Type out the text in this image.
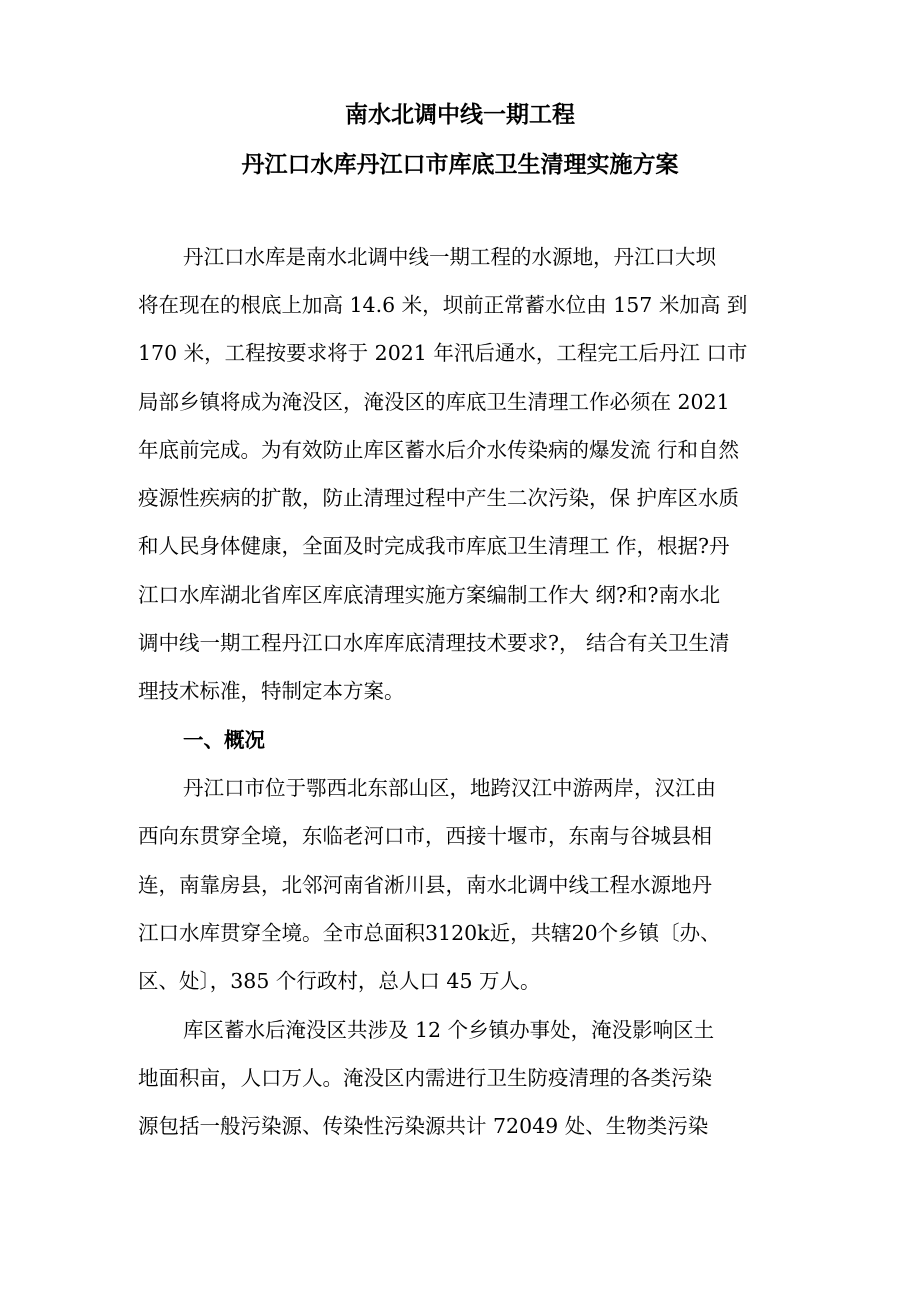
南水北调中线一期工程
丹江口水库丹江口市库底卫生清理实施方案
丹江口水库是南水北调中线一期工程的水源地，丹江口大坝
将在现在的根底上加高 14.6 米，坝前正常蓄水位由 157 米加高 到
170 米，工程按要求将于 2021 年汛后通水，工程完工后丹江 口市
局部乡镇将成为淹没区，淹没区的库底卫生清理工作必须在 2021
年底前完成。为有效防止库区蓄水后介水传染病的爆发流 行和自然
疫源性疾病的扩散，防止清理过程中产生二次污染，保 护库区水质
和人民身体健康，全面及时完成我市库底卫生清理工 作，根据?丹
江口水库湖北省库区库底清理实施方案编制工作大 纲?和?南水北
调中线一期工程丹江口水库库底清理技术要求?， 结合有关卫生清
理技术标准，特制定本方案。
一、概况
丹江口市位于鄂西北东部山区，地跨汉江中游两岸，汉江由
西向东贯穿全境，东临老河口市，西接十堰市，东南与谷城县相
连，南靠房县，北邻河南省淅川县，南水北调中线工程水源地丹
江口水库贯穿全境。全市总面积3120k近，共辖20个乡镇〔办、
区、处〕，385 个行政村，总人口 45 万人。
库区蓄水后淹没区共涉及 12 个乡镇办事处，淹没影响区土
地面积亩，人口万人。淹没区内需进行卫生防疫清理的各类污染
源包括一般污染源、传染性污染源共计 72049 处、生物类污染
